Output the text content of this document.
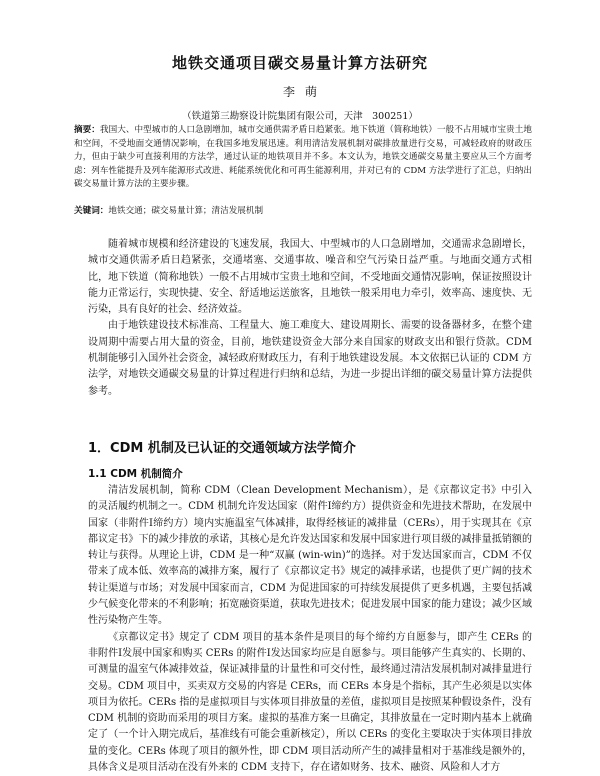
地铁交通项目碳交易量计算方法研究
李萌
（铁道第三勘察设计院集团有限公司，天津　300251）
摘要：我国大、中型城市的人口急剧增加，城市交通供需矛盾日趋紧张。地下铁道（简称地铁）一般不占用城市宝贵土地和空间，不受地面交通情况影响，在我国多地发展迅速。利用清洁发展机制对碳排放量进行交易，可减轻政府的财政压力，但由于缺少可直接利用的方法学，通过认证的地铁项目并不多。本文认为，地铁交通碳交易量主要应从三个方面考虑：列车性能提升及列车能源形式改进、耗能系统优化和可再生能源利用，并对已有的 CDM 方法学进行了汇总，归纳出碳交易量计算方法的主要步骤。
关键词：地铁交通；碳交易量计算；清洁发展机制

随着城市规模和经济建设的飞速发展，我国大、中型城市的人口急剧增加，交通需求急剧增长，城市交通供需矛盾日趋紧张，交通堵塞、交通事故、噪音和空气污染日益严重。与地面交通方式相比，地下铁道（简称地铁）一般不占用城市宝贵土地和空间，不受地面交通情况影响，保证按照设计能力正常运行，实现快捷、安全、舒适地运送旅客，且地铁一般采用电力牵引，效率高、速度快、无污染，具有良好的社会、经济效益。

由于地铁建设技术标准高、工程量大、施工难度大、建设周期长、需要的设备器材多，在整个建设周期中需要占用大量的资金，目前，地铁建设资金大部分来自国家的财政支出和银行贷款。CDM 机制能够引入国外社会资金，减轻政府财政压力，有利于地铁建设发展。本文依据已认证的 CDM 方法学，对地铁交通碳交易量的计算过程进行归纳和总结，为进一步提出详细的碳交易量计算方法提供参考。

1．CDM 机制及已认证的交通领域方法学简介
1.1 CDM 机制简介

清洁发展机制，简称 CDM（Clean Development Mechanism），是《京都议定书》中引入的灵活履约机制之一。CDM 机制允许发达国家（附件Ⅰ缔约方）提供资金和先进技术帮助，在发展中国家（非附件Ⅰ缔约方）境内实施温室气体减排，取得经核证的减排量（CERs），用于实现其在《京都议定书》下的减少排放的承诺，其核心是允许发达国家和发展中国家进行项目级的减排量抵销额的转让与获得。从理论上讲，CDM 是一种“双赢 (win-win)”的选择。对于发达国家而言，CDM 不仅带来了成本低、效率高的减排方案，履行了《京都议定书》规定的减排承诺，也提供了更广阔的技术转让渠道与市场；对发展中国家而言，CDM 为促进国家的可持续发展提供了更多机遇，主要包括减少气候变化带来的不利影响；拓宽融资渠道，获取先进技术；促进发展中国家的能力建设；减少区域性污染物产生等。

《京都议定书》规定了 CDM 项目的基本条件是项目的每个缔约方自愿参与，即产生 CERs 的非附件Ⅰ发展中国家和购买 CERs 的附件Ⅰ发达国家均应是自愿参与。项目能够产生真实的、长期的、可测量的温室气体减排效益，保证减排量的计量性和可交付性，最终通过清洁发展机制对减排量进行交易。CDM 项目中，买卖双方交易的内容是 CERs，而 CERs 本身是个指标，其产生必须是以实体项目为依托。CERs 指的是虚拟项目与实体项目排放量的差值，虚拟项目是按照某种假设条件，没有 CDM 机制的资助而采用的项目方案。虚拟的基准方案一旦确定，其排放量在一定时期内基本上就确定了（一个计入期完成后，基准线有可能会重新核定），所以 CERs 的变化主要取决于实体项目排放量的变化。CERs 体现了项目的额外性，即 CDM 项目活动所产生的减排量相对于基准线是额外的，具体含义是项目活动在没有外来的 CDM 支持下，存在诸如财务、技术、融资、风险和人才方
